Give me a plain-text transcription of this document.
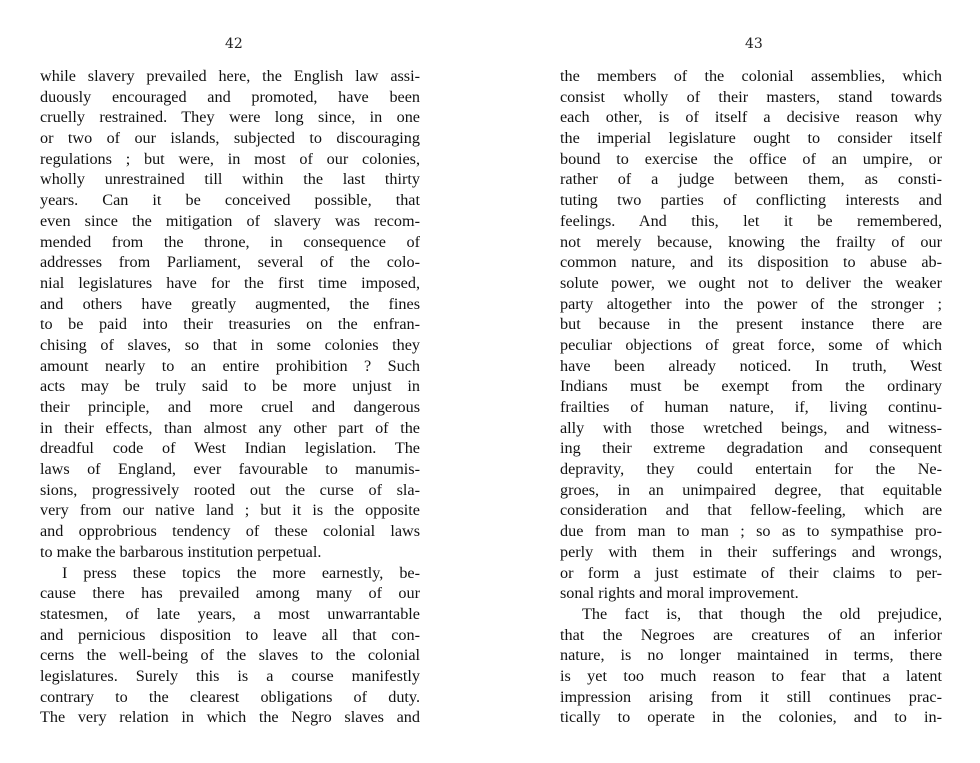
42
while slavery prevailed here, the English law assi-
duously encouraged and promoted, have been
cruelly restrained. They were long since, in one
or two of our islands, subjected to discouraging
regulations ; but were, in most of our colonies,
wholly unrestrained till within the last thirty
years. Can it be conceived possible, that
even since the mitigation of slavery was recom-
mended from the throne, in consequence of
addresses from Parliament, several of the colo-
nial legislatures have for the first time imposed,
and others have greatly augmented, the fines
to be paid into their treasuries on the enfran-
chising of slaves, so that in some colonies they
amount nearly to an entire prohibition ? Such
acts may be truly said to be more unjust in
their principle, and more cruel and dangerous
in their effects, than almost any other part of the
dreadful code of West Indian legislation. The
laws of England, ever favourable to manumis-
sions, progressively rooted out the curse of sla-
very from our native land ; but it is the opposite
and opprobrious tendency of these colonial laws
to make the barbarous institution perpetual.
I press these topics the more earnestly, be-
cause there has prevailed among many of our
statesmen, of late years, a most unwarrantable
and pernicious disposition to leave all that con-
cerns the well-being of the slaves to the colonial
legislatures. Surely this is a course manifestly
contrary to the clearest obligations of duty.
The very relation in which the Negro slaves and
43
the members of the colonial assemblies, which
consist wholly of their masters, stand towards
each other, is of itself a decisive reason why
the imperial legislature ought to consider itself
bound to exercise the office of an umpire, or
rather of a judge between them, as consti-
tuting two parties of conflicting interests and
feelings. And this, let it be remembered,
not merely because, knowing the frailty of our
common nature, and its disposition to abuse ab-
solute power, we ought not to deliver the weaker
party altogether into the power of the stronger ;
but because in the present instance there are
peculiar objections of great force, some of which
have been already noticed. In truth, West
Indians must be exempt from the ordinary
frailties of human nature, if, living continu-
ally with those wretched beings, and witness-
ing their extreme degradation and consequent
depravity, they could entertain for the Ne-
groes, in an unimpaired degree, that equitable
consideration and that fellow-feeling, which are
due from man to man ; so as to sympathise pro-
perly with them in their sufferings and wrongs,
or form a just estimate of their claims to per-
sonal rights and moral improvement.
The fact is, that though the old prejudice,
that the Negroes are creatures of an inferior
nature, is no longer maintained in terms, there
is yet too much reason to fear that a latent
impression arising from it still continues prac-
tically to operate in the colonies, and to in-
